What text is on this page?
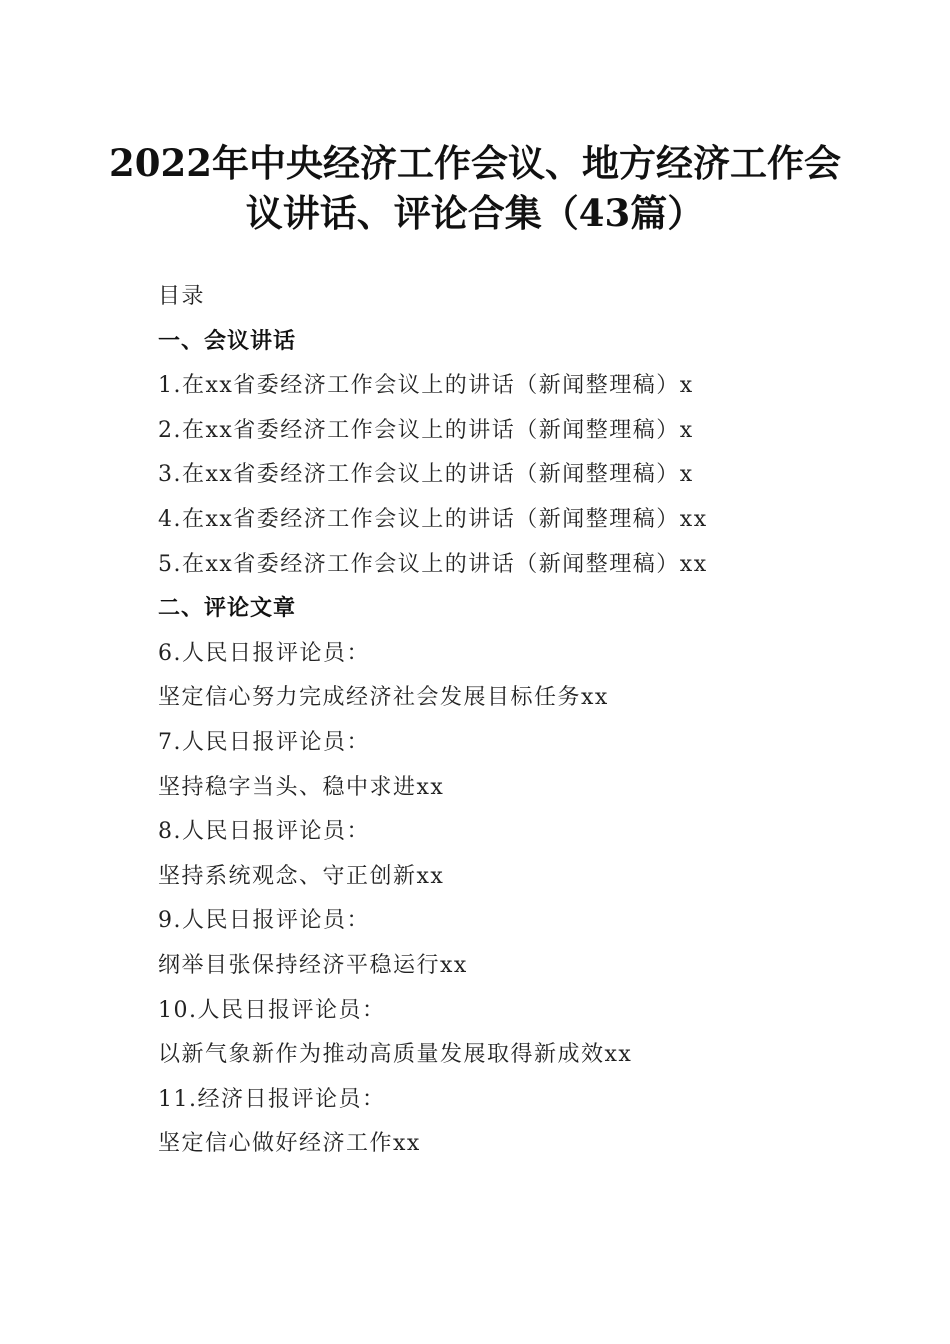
2022年中央经济工作会议、地方经济工作会
议讲话、评论合集（43篇）
目录
一、会议讲话
1.在xx省委经济工作会议上的讲话（新闻整理稿）x
2.在xx省委经济工作会议上的讲话（新闻整理稿）x
3.在xx省委经济工作会议上的讲话（新闻整理稿）x
4.在xx省委经济工作会议上的讲话（新闻整理稿）xx
5.在xx省委经济工作会议上的讲话（新闻整理稿）xx
二、评论文章
6.人民日报评论员：
坚定信心努力完成经济社会发展目标任务xx
7.人民日报评论员：
坚持稳字当头、稳中求进xx
8.人民日报评论员：
坚持系统观念、守正创新xx
9.人民日报评论员：
纲举目张保持经济平稳运行xx
10.人民日报评论员：
以新气象新作为推动高质量发展取得新成效xx
11.经济日报评论员：
坚定信心做好经济工作xx
